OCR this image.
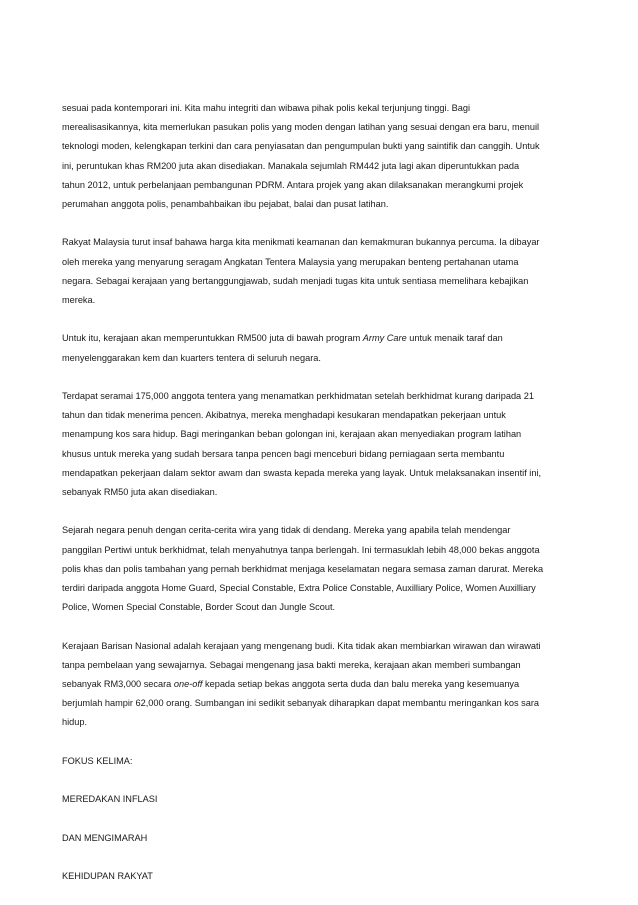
sesuai pada kontemporari ini. Kita mahu integriti dan wibawa pihak polis kekal terjunjung tinggi. Bagi merealisasikannya, kita memerlukan pasukan polis yang moden dengan latihan yang sesuai dengan era baru, menuil teknologi moden, kelengkapan terkini dan cara penyiasatan dan pengumpulan bukti yang saintifik dan canggih. Untuk ini, peruntukan khas RM200 juta akan disediakan. Manakala sejumlah RM442 juta lagi akan diperuntukkan pada tahun 2012, untuk perbelanjaan pembangunan PDRM. Antara projek yang akan dilaksanakan merangkumi projek perumahan anggota polis, penambahbaikan ibu pejabat, balai dan pusat latihan.

Rakyat Malaysia turut insaf bahawa harga kita menikmati keamanan dan kemakmuran bukannya percuma. Ia dibayar oleh mereka yang menyarung seragam Angkatan Tentera Malaysia yang merupakan benteng pertahanan utama negara. Sebagai kerajaan yang bertanggungjawab, sudah menjadi tugas kita untuk sentiasa memelihara kebajikan mereka.

Untuk itu, kerajaan akan memperuntukkan RM500 juta di bawah program Army Care untuk menaik taraf dan menyelenggarakan kem dan kuarters tentera di seluruh negara.

Terdapat seramai 175,000 anggota tentera yang menamatkan perkhidmatan setelah berkhidmat kurang daripada 21 tahun dan tidak menerima pencen. Akibatnya, mereka menghadapi kesukaran mendapatkan pekerjaan untuk menampung kos sara hidup. Bagi meringankan beban golongan ini, kerajaan akan menyediakan program latihan khusus untuk mereka yang sudah bersara tanpa pencen bagi menceburi bidang perniagaan serta membantu mendapatkan pekerjaan dalam sektor awam dan swasta kepada mereka yang layak. Untuk melaksanakan insentif ini, sebanyak RM50 juta akan disediakan.

Sejarah negara penuh dengan cerita-cerita wira yang tidak di dendang. Mereka yang apabila telah mendengar panggilan Pertiwi untuk berkhidmat, telah menyahutnya tanpa berlengah. Ini termasuklah lebih 48,000 bekas anggota polis khas dan polis tambahan yang pernah berkhidmat menjaga keselamatan negara semasa zaman darurat. Mereka terdiri daripada anggota Home Guard, Special Constable, Extra Police Constable, Auxilliary Police, Women Auxilliary Police, Women Special Constable, Border Scout dan Jungle Scout.

Kerajaan Barisan Nasional adalah kerajaan yang mengenang budi. Kita tidak akan membiarkan wirawan dan wirawati tanpa pembelaan yang sewajarnya. Sebagai mengenang jasa bakti mereka, kerajaan akan memberi sumbangan sebanyak RM3,000 secara one-off kepada setiap bekas anggota serta duda dan balu mereka yang kesemuanya berjumlah hampir 62,000 orang. Sumbangan ini sedikit sebanyak diharapkan dapat membantu meringankan kos sara hidup.

FOKUS KELIMA:

MEREDAKAN INFLASI

DAN MENGIMARAH

KEHIDUPAN RAKYAT
